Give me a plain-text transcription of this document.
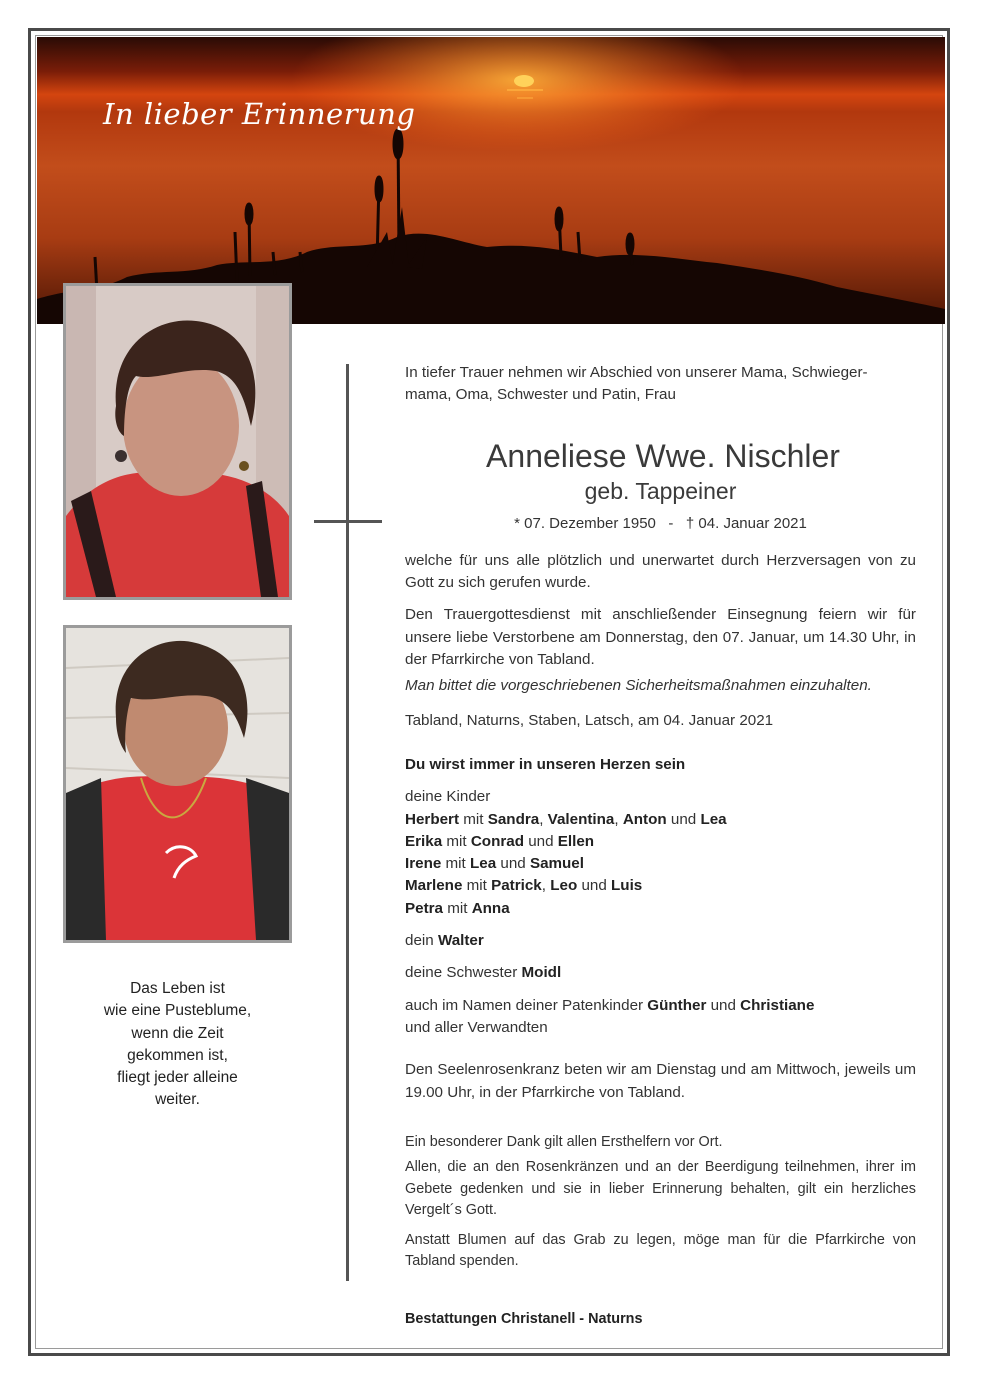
In lieber Erinnerung
Das Leben ist
wie eine Pusteblume,
wenn die Zeit
gekommen ist,
fliegt jeder alleine
weiter.

In tiefer Trauer nehmen wir Abschied von unserer Mama, Schwieger-
mama, Oma, Schwester und Patin, Frau

Anneliese Wwe. Nischler

geb. Tappeiner

* 07. Dezember 1950 - † 04. Januar 2021

welche für uns alle plötzlich und unerwartet durch Herzversagen von zu Gott zu sich gerufen wurde.

Den Trauergottesdienst mit anschließender Einsegnung feiern wir für unsere liebe Verstorbene am Donnerstag, den 07. Januar, um 14.30 Uhr, in der Pfarrkirche von Tabland.

Man bittet die vorgeschriebenen Sicherheitsmaßnahmen einzuhalten.

Tabland, Naturns, Staben, Latsch, am 04. Januar 2021

Du wirst immer in unseren Herzen sein

deine Kinder

Herbert mit Sandra, Valentina, Anton und Lea

Erika mit Conrad und Ellen

Irene mit Lea und Samuel

Marlene mit Patrick, Leo und Luis

Petra mit Anna

dein Walter

deine Schwester Moidl

auch im Namen deiner Patenkinder Günther und Christiane

und aller Verwandten

Den Seelenrosenkranz beten wir am Dienstag und am Mittwoch, jeweils um 19.00 Uhr, in der Pfarrkirche von Tabland.

Ein besonderer Dank gilt allen Ersthelfern vor Ort.

Allen, die an den Rosenkränzen und an der Beerdigung teilnehmen, ihrer im Gebete gedenken und sie in lieber Erinnerung behalten, gilt ein herzliches Vergelt´s Gott.

Anstatt Blumen auf das Grab zu legen, möge man für die Pfarrkirche von Tabland spenden.

Bestattungen Christanell - Naturns
